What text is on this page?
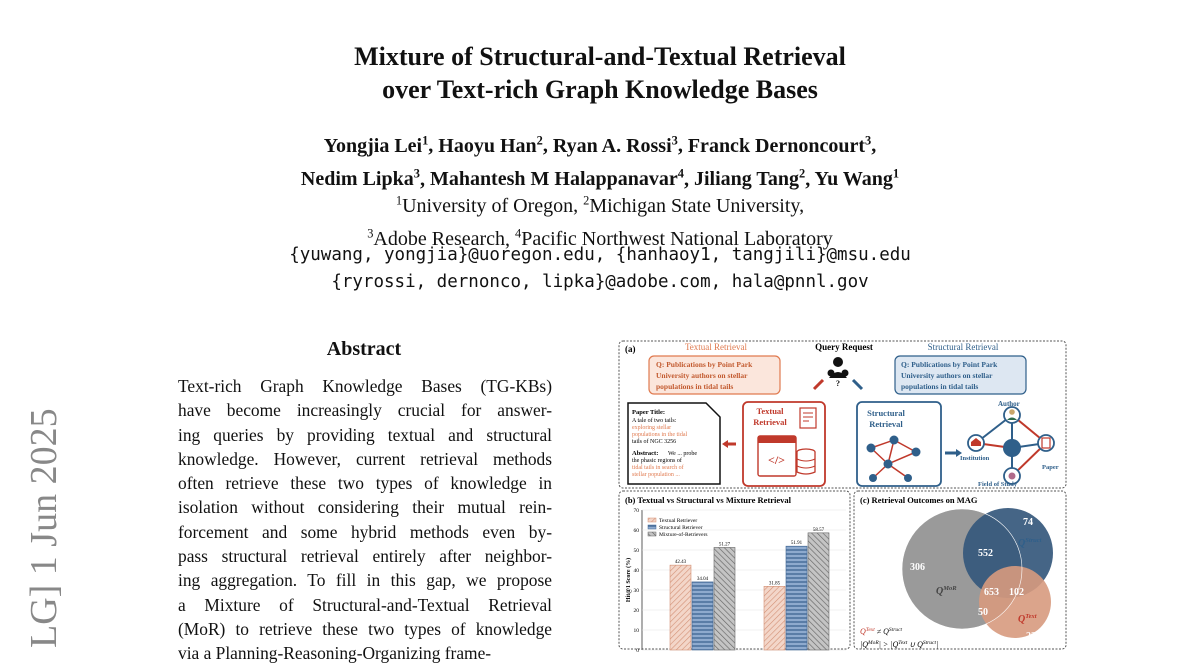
Mixture of Structural-and-Textual Retrieval
over Text-rich Graph Knowledge Bases
Yongjia Lei$^1$, Haoyu Han$^2$, Ryan A. Rossi$^3$, Franck Dernoncourt$^3$,
Nedim Lipka$^3$, Mahantesh M Halappanavar$^4$, Jiliang Tang$^2$, Yu Wang$^1$
$^1$University of Oregon, $^2$Michigan State University,
$^3$Adobe Research, $^4$Pacific Northwest National Laboratory
{yuwang, yongjia}@uoregon.edu, {hanhaoy1, tangjili}@msu.edu
{ryrossi, dernonco, lipka}@adobe.com, hala@pnnl.gov
LG] 1 Jun 2025
Abstract
Text-rich Graph Knowledge Bases (TG-KBs)
have become increasingly crucial for answer-
ing queries by providing textual and structural
knowledge. However, current retrieval methods
often retrieve these two types of knowledge in
isolation without considering their mutual rein-
forcement and some hybrid methods even by-
pass structural retrieval entirely after neighbor-
ing aggregation. To fill in this gap, we propose
a Mixture of Structural-and-Textual Retrieval
(MoR) to retrieve these two types of knowledge
via a Planning-Reasoning-Organizing frame-
(a)	Textual Retrieval	Query Request	Structural Retrieval
Q: Publications by Point Park
University authors on stellar
populations in tidal tails	?
Q: Publications by Point Park
University authors on stellar
populations in tidal tails
Paper Title:
A tale of two tails:
exploring stellar
populations in the tidal
tails of NGC 3256
Abstract: We ... probe
the phasic regions of
tidal tails in search of
stellar population ...
Textual
Retrieval
</>
Structural
Retrieval
Author
Institution
Field of Study
Paper
(b) Textual vs Structural vs Mixture Retrieval
Hit@1 Score (%)
0
10
20
30
40
50
60
70
42.43
31.85
34.04
51.91
51.27
58.57
Textual Retriever
Structural Retriever
Mixture-of-Retrievers
(c) Retrieval Outcomes on MAG
74
552
306
653 102
50
23
$Q^{Struct}$
$Q^{MoR}$
$Q^{Text}$
$Q^{Text} \ne Q^{Struct}$
$|Q^{MoR}| > |Q^{Text}$ ∪ $Q^{Struct}|$
